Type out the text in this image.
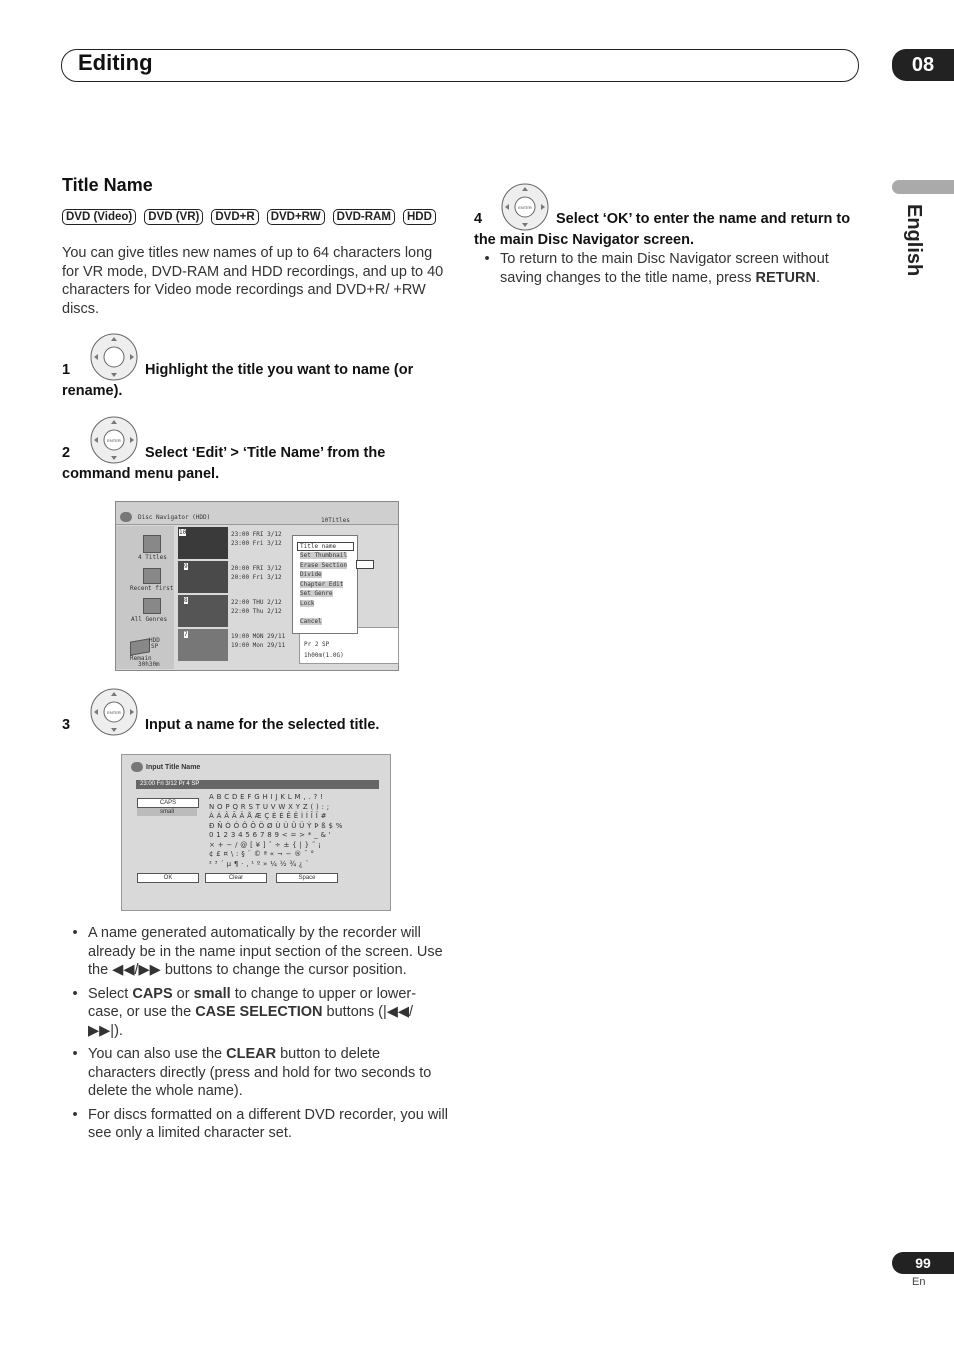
Editing	08
English
Title Name
DVD (Video)	DVD (VR)	DVD+R	DVD+RW	DVD-RAM	HDD
You can give titles new names of up to 64 characters long for VR mode, DVD-RAM and HDD recordings, and up to 40 characters for Video mode recordings and DVD+R/ +RW discs.
1	Highlight the title you want to name (or rename).
2
ENTER
Select ‘Edit’ > ‘Title Name’ from the command menu panel.
Disc Navigator (HDD)	10Titles
4 Titles
Recent first
All Genres
HDD
SP
Remain
30h30m
10
9
8
7
23:00 FRI 3/12
23:00 Fri 3/12
20:00 FRI 3/12
20:00 Fri 3/12
22:00 THU 2/12
22:00 Thu 2/12
19:00 MON 29/11
19:00 Mon 29/11	Pr 2 SP
1h00m(1.0G)
Title name
Set Thumbnail
Erase Section
Divide
Chapter Edit
Set Genre
Lock
Cancel
3
ENTER
Input a name for the selected title.
Input Title Name
23:00 Fri 3/12 Pr 4 SP
CAPS
small
A B C D E F G H I J K L M , . ? !
N O P Q R S T U V W X Y Z ( ) : ;
À Á Â Ã Ä Å Æ Ç È É Ê Ë Ì Í Î Ï #
Ð Ñ Ò Ó Ô Õ Ö Ø Ù Ú Û Ü Ý Þ ß $ %
0 1 2 3 4 5 6 7 8 9 < = > * _ & '
× + − / @ [ ¥ ] ˆ ÷ ± { | } ˜ ¡
¢ £ ¤ \ : § ¨ © ª « ¬ − ® ¯ °
² ³ ´ µ ¶ · , ¹ º » ¼ ½ ¾ ¿ `
OK	Clear	Space
• A name generated automatically by the recorder will already be in the name input section of the screen. Use the ◀◀/▶▶ buttons to change the cursor position.
• Select CAPS or small to change to upper or lower-case, or use the CASE SELECTION buttons (|◀◀/ ▶▶|).
• You can also use the CLEAR button to delete characters directly (press and hold for two seconds to delete the whole name).
• For discs formatted on a different DVD recorder, you will see only a limited character set.
ENTER
4	Select ‘OK’ to enter the name and return to the main Disc Navigator screen.
• To return to the main Disc Navigator screen without saving changes to the title name, press RETURN.
99
En
